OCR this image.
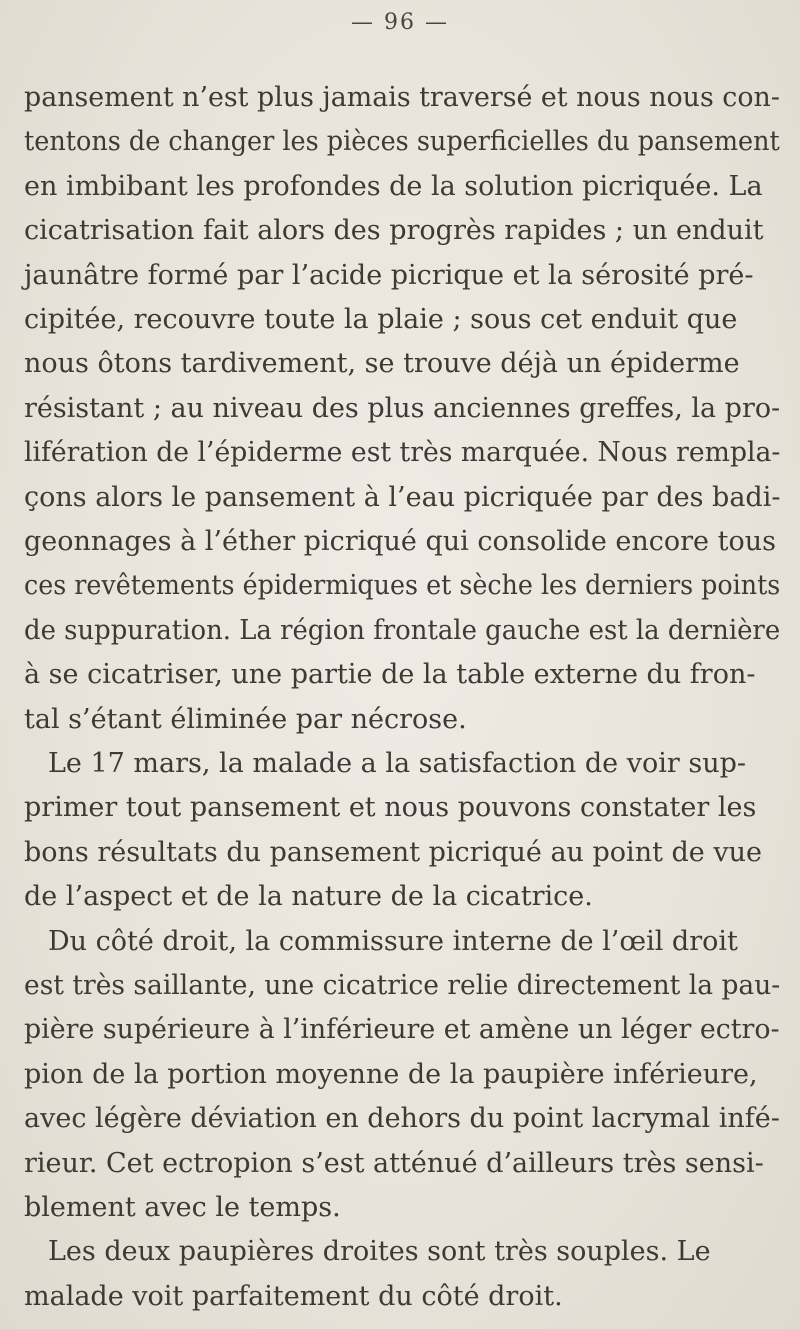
— 96 —
pansement n’est plus jamais traversé et nous nous con-
tentons de changer les pièces superficielles du pansement
en imbibant les profondes de la solution picriquée. La
cicatrisation fait alors des progrès rapides ; un enduit
jaunâtre formé par l’acide picrique et la sérosité pré-
cipitée, recouvre toute la plaie ; sous cet enduit que
nous ôtons tardivement, se trouve déjà un épiderme
résistant ; au niveau des plus anciennes greffes, la pro-
lifération de l’épiderme est très marquée. Nous rempla-
çons alors le pansement à l’eau picriquée par des badi-
geonnages à l’éther picriqué qui consolide encore tous
ces revêtements épidermiques et sèche les derniers points
de suppuration. La région frontale gauche est la dernière
à se cicatriser, une partie de la table externe du fron-
tal s’étant éliminée par nécrose.
Le 17 mars, la malade a la satisfaction de voir sup-
primer tout pansement et nous pouvons constater les
bons résultats du pansement picriqué au point de vue
de l’aspect et de la nature de la cicatrice.
Du côté droit, la commissure interne de l’œil droit
est très saillante, une cicatrice relie directement la pau-
pière supérieure à l’inférieure et amène un léger ectro-
pion de la portion moyenne de la paupière inférieure,
avec légère déviation en dehors du point lacrymal infé-
rieur. Cet ectropion s’est atténué d’ailleurs très sensi-
blement avec le temps.
Les deux paupières droites sont très souples. Le
malade voit parfaitement du côté droit.
